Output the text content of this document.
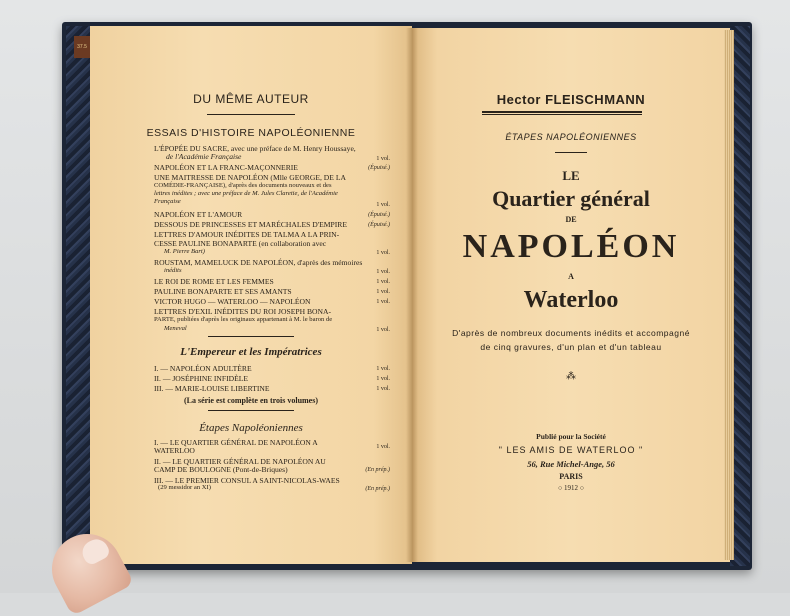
37.5
DU MÊME AUTEUR
ESSAIS D'HISTOIRE NAPOLÉONIENNE
L'ÉPOPÉE DU SACRE, avec une préface de M. Henry Houssaye,
de l'Académie Française	1 vol.
NAPOLÉON ET LA FRANC-MAÇONNERIE	(Épuisé.)
UNE MAITRESSE DE NAPOLÉON (Mlle GEORGE, DE LA
COMÉDIE-FRANÇAISE), d'après des documents nouveaux et des
lettres inédites ; avec une préface de M. Jules Claretie, de l'Académie
Française	1 vol.
NAPOLÉON ET L'AMOUR	(Épuisé.)
DESSOUS DE PRINCESSES ET MARÉCHALES D'EMPIRE	(Épuisé.)
LETTRES D'AMOUR INÉDITES DE TALMA A LA PRIN-
CESSE PAULINE BONAPARTE (en collaboration avec
M. Pierre Bart)	1 vol.
ROUSTAM, MAMELUCK DE NAPOLÉON, d'après des mémoires
inédits	1 vol.
LE ROI DE ROME ET LES FEMMES	1 vol.
PAULINE BONAPARTE ET SES AMANTS	1 vol.
VICTOR HUGO — WATERLOO — NAPOLÉON	1 vol.
LETTRES D'EXIL INÉDITES DU ROI JOSEPH BONA-
PARTE, publiées d'après les originaux appartenant à M. le baron de
Meneval	1 vol.
L'Empereur et les Impératrices
I. — NAPOLÉON ADULTÈRE	1 vol.
II. — JOSÉPHINE INFIDÈLE	1 vol.
III. — MARIE-LOUISE LIBERTINE	1 vol.
(La série est complète en trois volumes)
Étapes Napoléoniennes
I. — LE QUARTIER GÉNÉRAL DE NAPOLÉON A
WATERLOO	1 vol.
II. — LE QUARTIER GÉNÉRAL DE NAPOLÉON AU
CAMP DE BOULOGNE (Pont-de-Briques)	(En prép.)
III. — LE PREMIER CONSUL A SAINT-NICOLAS-WAES
(29 messidor an XI)	(En prép.)
Hector FLEISCHMANN
ÉTAPES NAPOLÉONIENNES
LE
Quartier général
DE
NAPOLÉON
A
Waterloo
D'après de nombreux documents inédits et accompagné
de cinq gravures, d'un plan et d'un tableau
⁂
Publié pour la Société
" LES AMIS DE WATERLOO "
56, Rue Michel-Ange, 56
PARIS
○ 1912 ○
